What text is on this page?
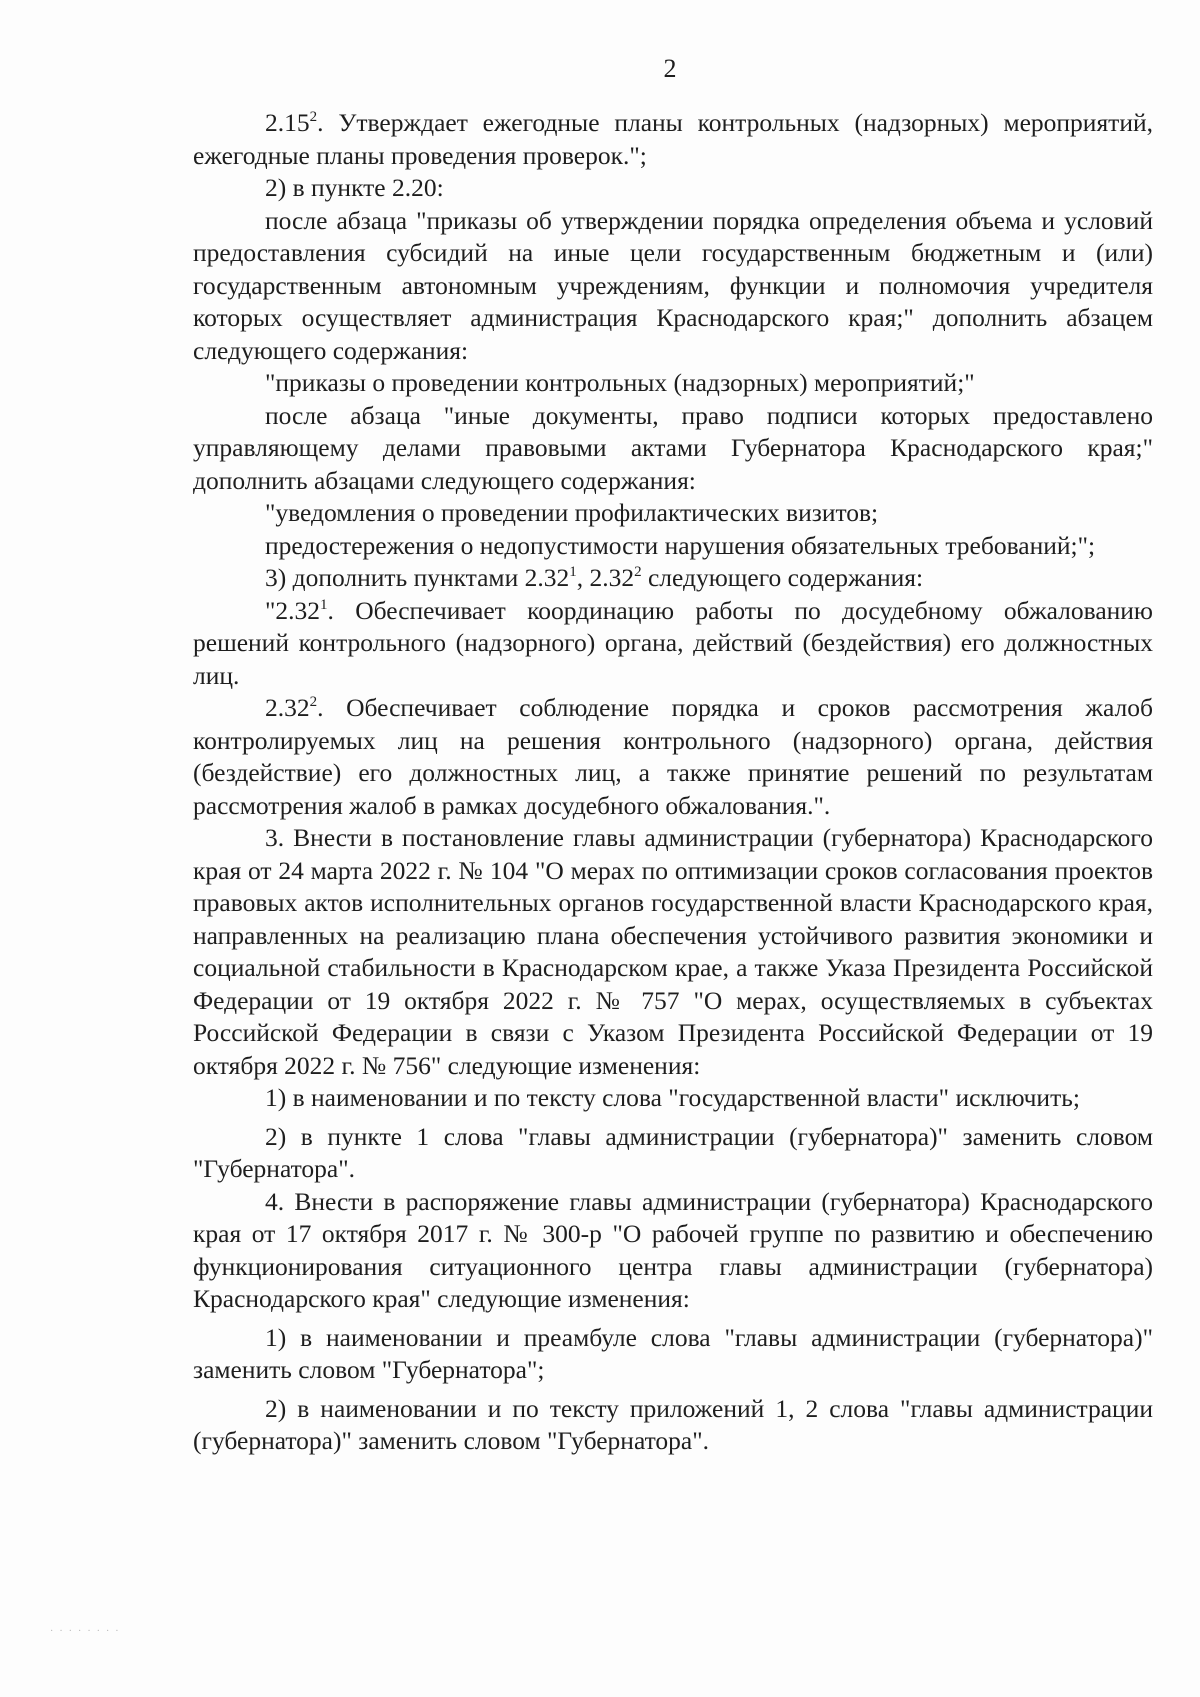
2

2.15$^2$. Утверждает ежегодные планы контрольных (надзорных) мероприятий, ежегодные планы проведения проверок.";

2) в пункте 2.20:

после абзаца "приказы об утверждении порядка определения объема и условий предоставления субсидий на иные цели государственным бюджетным и (или) государственным автономным учреждениям, функции и полномочия учредителя которых осуществляет администрация Краснодарского края;" дополнить абзацем следующего содержания:

"приказы о проведении контрольных (надзорных) мероприятий;"

после абзаца "иные документы, право подписи которых предоставлено управляющему делами правовыми актами Губернатора Краснодарского края;" дополнить абзацами следующего содержания:

"уведомления о проведении профилактических визитов;

предостережения о недопустимости нарушения обязательных требований;";

3) дополнить пунктами 2.32$^1$, 2.32$^2$ следующего содержания:

"2.32$^1$. Обеспечивает координацию работы по досудебному обжалованию решений контрольного (надзорного) органа, действий (бездействия) его должностных лиц.

2.32$^2$. Обеспечивает соблюдение порядка и сроков рассмотрения жалоб контролируемых лиц на решения контрольного (надзорного) органа, действия (бездействие) его должностных лиц, а также принятие решений по результатам рассмотрения жалоб в рамках досудебного обжалования.".

3. Внести в постановление главы администрации (губернатора) Краснодарского края от 24 марта 2022 г. № 104 "О мерах по оптимизации сроков согласования проектов правовых актов исполнительных органов государственной власти Краснодарского края, направленных на реализацию плана обеспечения устойчивого развития экономики и социальной стабильности в Краснодарском крае, а также Указа Президента Российской Федерации от 19 октября 2022 г. № 757 "О мерах, осуществляемых в субъектах Российской Федерации в связи с Указом Президента Российской Федерации от 19 октября 2022 г. № 756" следующие изменения:

1) в наименовании и по тексту слова "государственной власти" исключить;

2) в пункте 1 слова "главы администрации (губернатора)" заменить словом "Губернатора".

4. Внести в распоряжение главы администрации (губернатора) Краснодарского края от 17 октября 2017 г. № 300-р "О рабочей группе по развитию и обеспечению функционирования ситуационного центра главы администрации (губернатора) Краснодарского края" следующие изменения:

1) в наименовании и преамбуле слова "главы администрации (губернатора)" заменить словом "Губернатора";

2) в наименовании и по тексту приложений 1, 2 слова "главы администрации (губернатора)" заменить словом "Губернатора".

········
